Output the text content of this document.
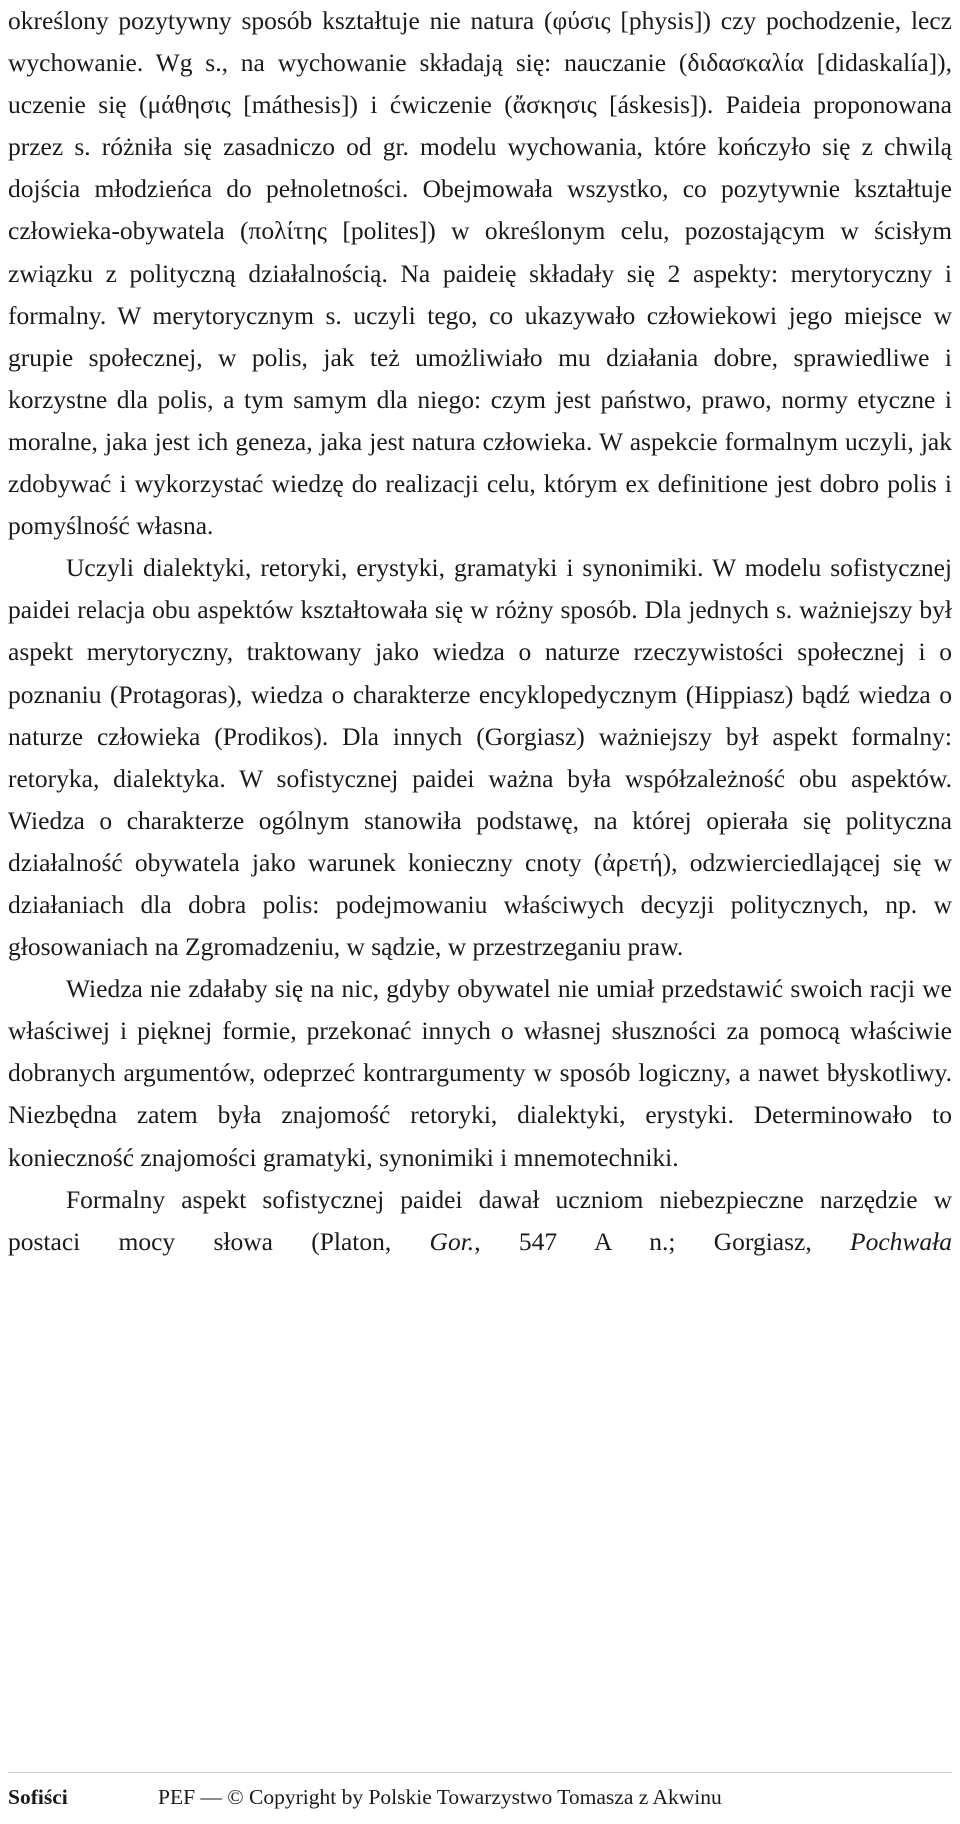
określony pozytywny sposób kształtuje nie natura (φύσις [physis]) czy pochodzenie, lecz wychowanie. Wg s., na wychowanie składają się: nauczanie (διδασκαλία [didaskalía]), uczenie się (μάθησις [máthesis]) i ćwiczenie (ἄσκησις [áskesis]). Paideia proponowana przez s. różniła się zasadniczo od gr. modelu wychowania, które kończyło się z chwilą dojścia młodzieńca do pełnoletności. Obejmowała wszystko, co pozytywnie kształtuje człowieka-obywatela (πολίτης [polites]) w określonym celu, pozostającym w ścisłym związku z polityczną działalnością. Na paideię składały się 2 aspekty: merytoryczny i formalny. W merytorycznym s. uczyli tego, co ukazywało człowiekowi jego miejsce w grupie społecznej, w polis, jak też umożliwiało mu działania dobre, sprawiedliwe i korzystne dla polis, a tym samym dla niego: czym jest państwo, prawo, normy etyczne i moralne, jaka jest ich geneza, jaka jest natura człowieka. W aspekcie formalnym uczyli, jak zdobywać i wykorzystać wiedzę do realizacji celu, którym ex definitione jest dobro polis i pomyślność własna.

Uczyli dialektyki, retoryki, erystyki, gramatyki i synonimiki. W modelu sofistycznej paidei relacja obu aspektów kształtowała się w różny sposób. Dla jednych s. ważniejszy był aspekt merytoryczny, traktowany jako wiedza o naturze rzeczywistości społecznej i o poznaniu (Protagoras), wiedza o charakterze encyklopedycznym (Hippiasz) bądź wiedza o naturze człowieka (Prodikos). Dla innych (Gorgiasz) ważniejszy był aspekt formalny: retoryka, dialektyka. W sofistycznej paidei ważna była współzależność obu aspektów. Wiedza o charakterze ogólnym stanowiła podstawę, na której opierała się polityczna działalność obywatela jako warunek konieczny cnoty (ἀρετή), odzwierciedlającej się w działaniach dla dobra polis: podejmowaniu właściwych decyzji politycznych, np. w głosowaniach na Zgromadzeniu, w sądzie, w przestrzeganiu praw.

Wiedza nie zdałaby się na nic, gdyby obywatel nie umiał przedstawić swoich racji we właściwej i pięknej formie, przekonać innych o własnej słuszności za pomocą właściwie dobranych argumentów, odeprzeć kontrargumenty w sposób logiczny, a nawet błyskotliwy. Niezbędna zatem była znajomość retoryki, dialektyki, erystyki. Determinowało to konieczność znajomości gramatyki, synonimiki i mnemotechniki.

Formalny aspekt sofistycznej paidei dawał uczniom niebezpieczne narzędzie w postaci mocy słowa (Platon, Gor., 547 A n.; Gorgiasz, Pochwała

Sofiści	PEF — © Copyright by Polskie Towarzystwo Tomasza z Akwinu
